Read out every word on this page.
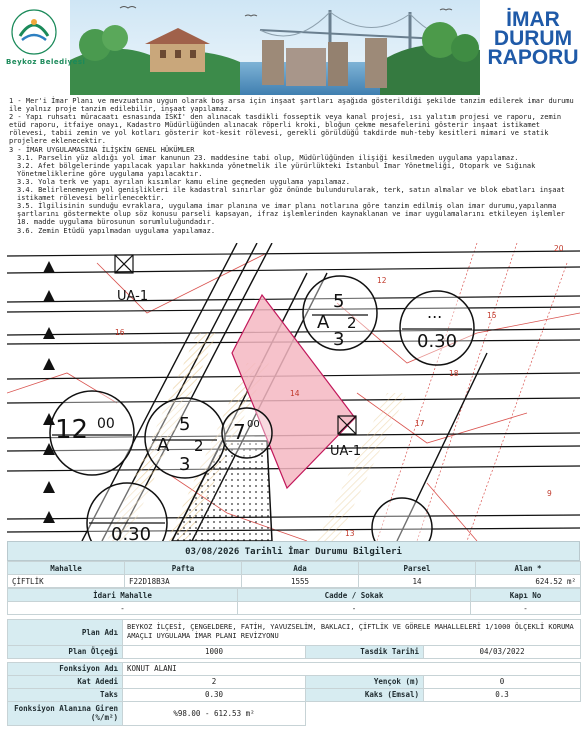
Beykoz Belediyesi
İMAR
DURUM
RAPORU

1 - Mer'i İmar Planı ve mevzuatına uygun olarak boş arsa için inşaat şartları aşağıda gösterildiği şekilde tanzim edilerek imar durumu ile yalnız proje tanzim edilebilir, inşaat yapılamaz.

2 - Yapı ruhsatı müracaatı esnasında İSKİ' den alınacak tasdikli fosseptik veya kanal projesi, ısı yalıtım projesi ve raporu, zemin etüd raporu, itfaiye onayı, Kadastro Müdürlüğünden alınacak röperli kroki, bloğun çekme mesafelerini gösterir inşaat istikamet rölevesi, tabii zemin ve yol kotları gösterir kot-kesit rölevesi, gerekli görüldüğü takdirde muh-teby kesitleri mimari ve statik projelere eklenecektir.

3 - İMAR UYGULAMASINA İLİŞKİN GENEL HÜKÜMLER

3.1. Parselin yüz aldığı yol imar kanunun 23. maddesine tabi olup, Müdürlüğünden ilişiği kesilmeden uygulama yapılamaz.

3.2. Afet bölgelerinde yapılacak yapılar hakkında yönetmelik ile yürürlükteki İstanbul İmar Yönetmeliği, Otopark ve Sığınak Yönetmeliklerine göre uygulama yapılacaktır.

3.3. Yola terk ve yapı ayrılan kısımlar kamu eline geçmeden uygulama yapılamaz.

3.4. Belirlenemeyen yol genişlikleri ile kadastral sınırlar göz önünde bulundurularak, terk, satın almalar ve blok ebatları inşaat istikamet rölevesi belirlenecektir.

3.5. İlgilisinin sunduğu evraklara, uygulama imar planına ve imar planı notlarına göre tanzim edilmiş olan imar durumu,yapılanma şartlarını göstermekte olup söz konusu parseli kapsayan, ifraz işlemlerinden kaynaklanan ve imar uygulamalarını etkileyen işlemler 18. madde uygulama bürosunun sorumluluğundadır.

3.6. Zemin Etüdü yapılmadan uygulama yapılamaz.

12
16
14
17
18
20
13
15
9
UA-1
UA-1
5
A 2
3
5
A 2
3
...
0.30
0.30
12 00	7 00
03/08/2026 Tarihli İmar Durumu Bilgileri
Mahalle	Pafta	Ada	Parsel	Alan *
ÇİFTLİK	F22D18B3A	1555	14	624.52 m²
İdari Mahalle	Cadde / Sokak	Kapı No
-	-	-

Plan Adı	BEYKOZ İLÇESİ, ÇENGELDERE, FATİH, YAVUZSELİM, BAKLACI, ÇİFTLİK VE GÖRELE MAHALLELERİ 1/1000 ÖLÇEKLİ KORUMA AMAÇLI UYGULAMA İMAR PLANI REVİZYONU		
Plan Ölçeği	1000	Tasdik Tarihi	04/03/2022

Fonksiyon Adı	KONUT ALANI		
Kat Adedi	2	Yençok (m)	0
Taks	0.30	Kaks (Emsal)	0.3
Fonksiyon Alanına Giren (%/m²)	%98.00 - 612.53 m²		
